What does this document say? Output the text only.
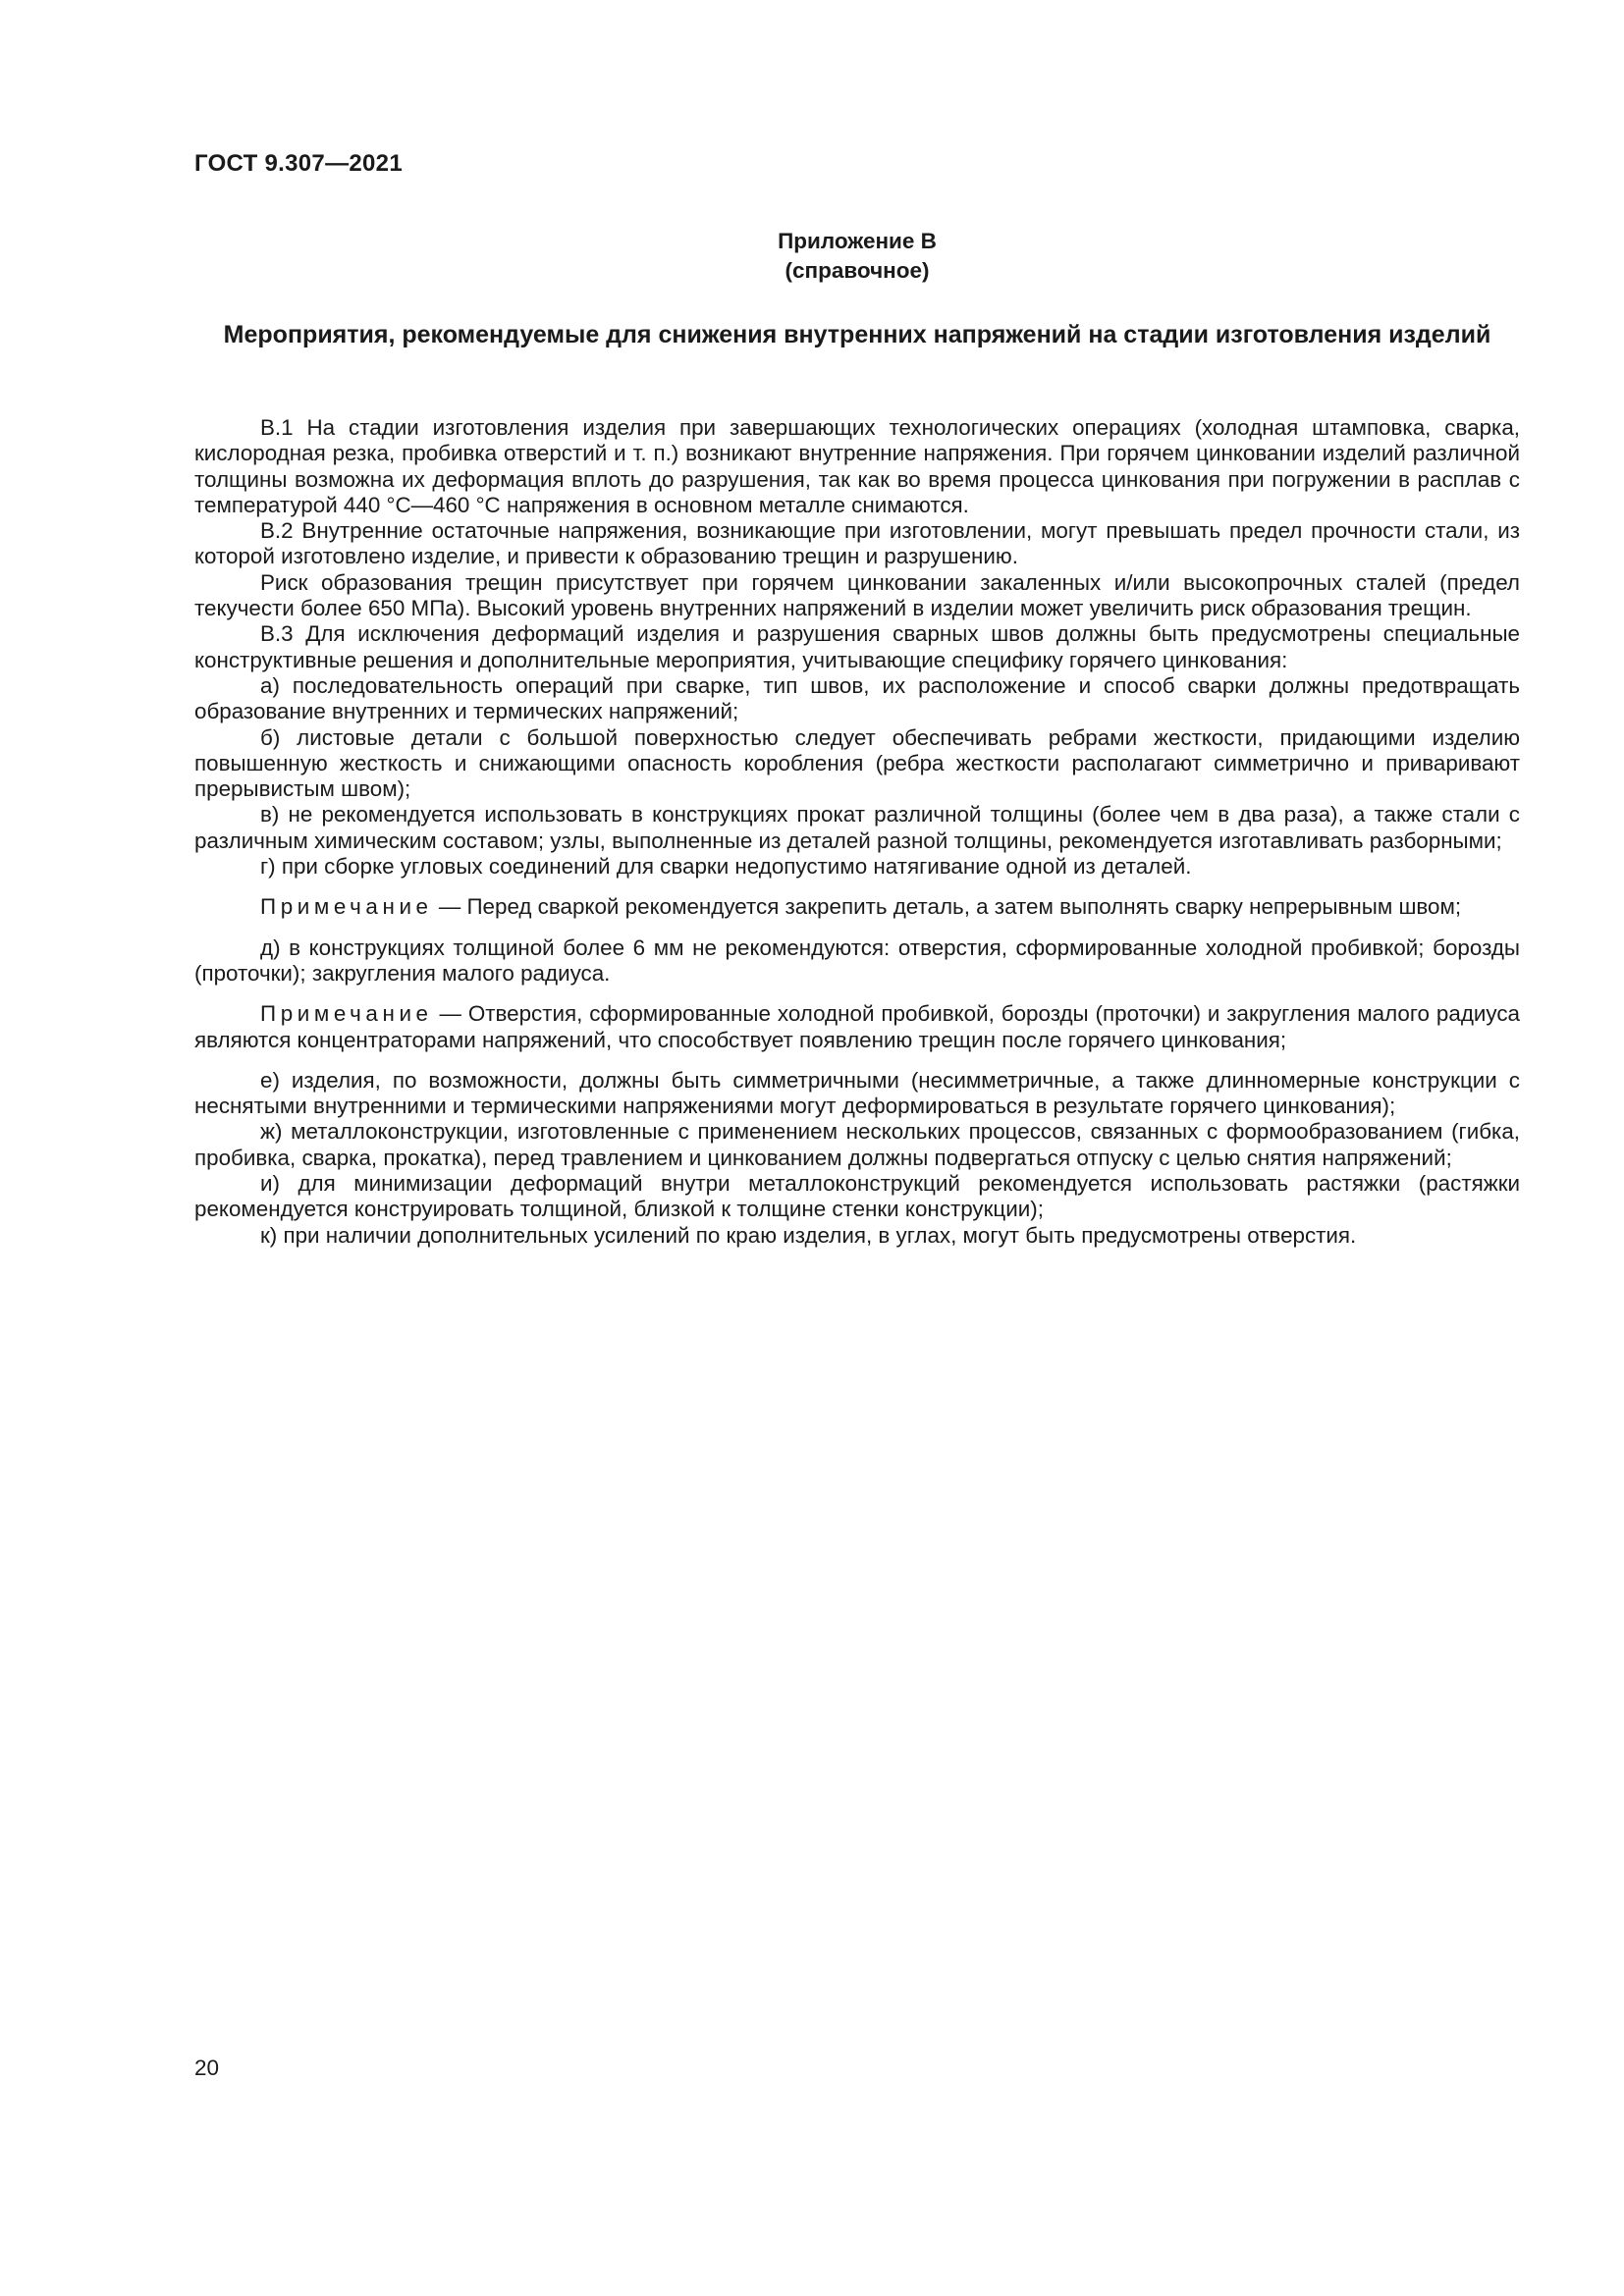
ГОСТ 9.307—2021
Приложение В
(справочное)
Мероприятия, рекомендуемые для снижения внутренних напряжений на стадии изготовления изделий

В.1 На стадии изготовления изделия при завершающих технологических операциях (холодная штамповка, сварка, кислородная резка, пробивка отверстий и т. п.) возникают внутренние напряжения. При горячем цинковании изделий различной толщины возможна их деформация вплоть до разрушения, так как во время процесса цинкования при погружении в расплав с температурой 440 °С—460 °С напряжения в основном металле снимаются.

В.2 Внутренние остаточные напряжения, возникающие при изготовлении, могут превышать предел прочности стали, из которой изготовлено изделие, и привести к образованию трещин и разрушению.

Риск образования трещин присутствует при горячем цинковании закаленных и/или высокопрочных сталей (предел текучести более 650 МПа). Высокий уровень внутренних напряжений в изделии может увеличить риск образования трещин.

В.3 Для исключения деформаций изделия и разрушения сварных швов должны быть предусмотрены специальные конструктивные решения и дополнительные мероприятия, учитывающие специфику горячего цинкования:

а) последовательность операций при сварке, тип швов, их расположение и способ сварки должны предотвращать образование внутренних и термических напряжений;

б) листовые детали с большой поверхностью следует обеспечивать ребрами жесткости, придающими изделию повышенную жесткость и снижающими опасность коробления (ребра жесткости располагают симметрично и приваривают прерывистым швом);

в) не рекомендуется использовать в конструкциях прокат различной толщины (более чем в два раза), а также стали с различным химическим составом; узлы, выполненные из деталей разной толщины, рекомендуется изготавливать разборными;

г) при сборке угловых соединений для сварки недопустимо натягивание одной из деталей.

Примечание — Перед сваркой рекомендуется закрепить деталь, а затем выполнять сварку непрерывным швом;

д) в конструкциях толщиной более 6 мм не рекомендуются: отверстия, сформированные холодной пробивкой; борозды (проточки); закругления малого радиуса.

Примечание — Отверстия, сформированные холодной пробивкой, борозды (проточки) и закругления малого радиуса являются концентраторами напряжений, что способствует появлению трещин после горячего цинкования;

е) изделия, по возможности, должны быть симметричными (несимметричные, а также длинномерные конструкции с неснятыми внутренними и термическими напряжениями могут деформироваться в результате горячего цинкования);

ж) металлоконструкции, изготовленные с применением нескольких процессов, связанных с формообразованием (гибка, пробивка, сварка, прокатка), перед травлением и цинкованием должны подвергаться отпуску с целью снятия напряжений;

и) для минимизации деформаций внутри металлоконструкций рекомендуется использовать растяжки (растяжки рекомендуется конструировать толщиной, близкой к толщине стенки конструкции);

к) при наличии дополнительных усилений по краю изделия, в углах, могут быть предусмотрены отверстия.

20
